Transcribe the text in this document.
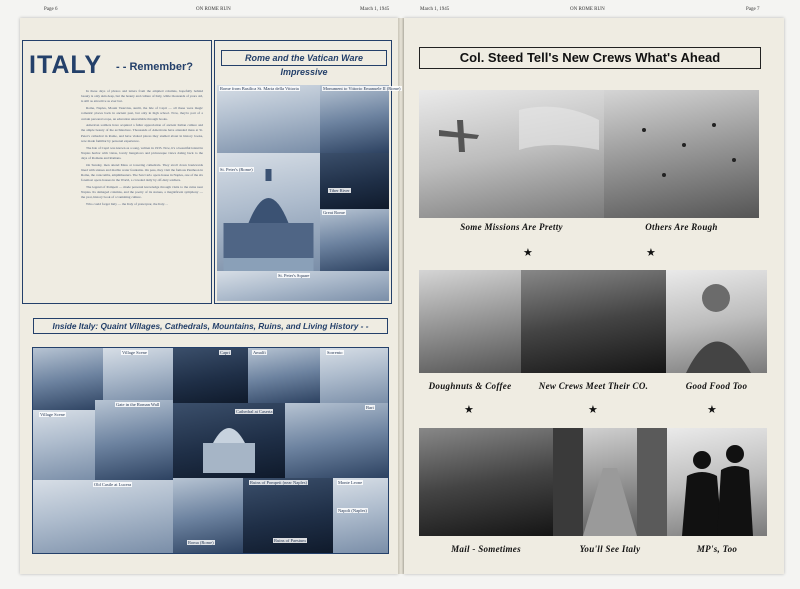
Page 6	ON ROME RUN	March 1, 1945	March 1, 1945	ON ROME RUN	Page 7
ITALY - - Remember?

In these days of photos and letters from the emptied columns, hopefully behind beauty is only skin deep, but the beauty and culture of Italy, while thousands of years old, is still as attractive as ever but.

Rome, Naples, Mount Vesuvius, sunlit, the Isle of Capri — all these were magic romantic places back in ancient past, but only in high school. Now, they're part of a certain personal scope, an education unavailable through books.

American soldiers have acquired a fuller appreciation of ancient Italian culture and the ample beauty of the architecture. Thousands of Americans have attended mass at St. Peter's cathedral in Rome, and have visited places they studied about in history books, now made familiar by personal experience.

The Isle of Capri was known as a song, written in 1933. Now, it's a beautiful island in Naples harbor with vistas, lovely bungalows and picturesque views dating back to the days of Romans and Romans.

On Sunday, men attend Mass at towering cathedrals. They stroll down boulevards lined with statues and marble water fountains. On pass, they visit the famous Pantheon in Rome, the catacombs, amphitheaters. The San Carlo opera house in Naples, one of the six foremost opera houses in the World, a crowded daily by off-duty soldiers.

The legend of Pompeii — made personal knowledge through visits to the ruins near Naples. Its damaged columns, and the poetry of its statues, a magnificent symphony — the year, history book of a vanishing culture.

Who could forget Italy — the Italy of yesteryear, the Italy…

Rome and the Vatican Ware Impressive
Rome from Basilica St. Maria della Vittoria	Monument to Vittorio Emanuele II (Rome)
St. Peter's (Rome)
Tiber River
Great Rome
St. Peter's Square
Inside Italy: Quaint Villages, Cathedrals, Mountains, Ruins, and Living History - -
Village Scene	Capri	Amalfi	Sorrento
Village Scene
Gate in the Roman Wall
Cathedral at Caserta
Bari
Old Castle at Lucera
Roma (Rome)
Ruins of Pompeii (near Naples)
Ruins of Paestum
Monte Leone
Napoli (Naples)
Col. Steed Tell's New Crews What's Ahead
Some Missions Are Pretty	Others Are Rough
★	★
Doughnuts & Coffee	New Crews Meet Their CO.	Good Food Too
★	★	★
Mail - Sometimes	You'll See Italy	MP's, Too
